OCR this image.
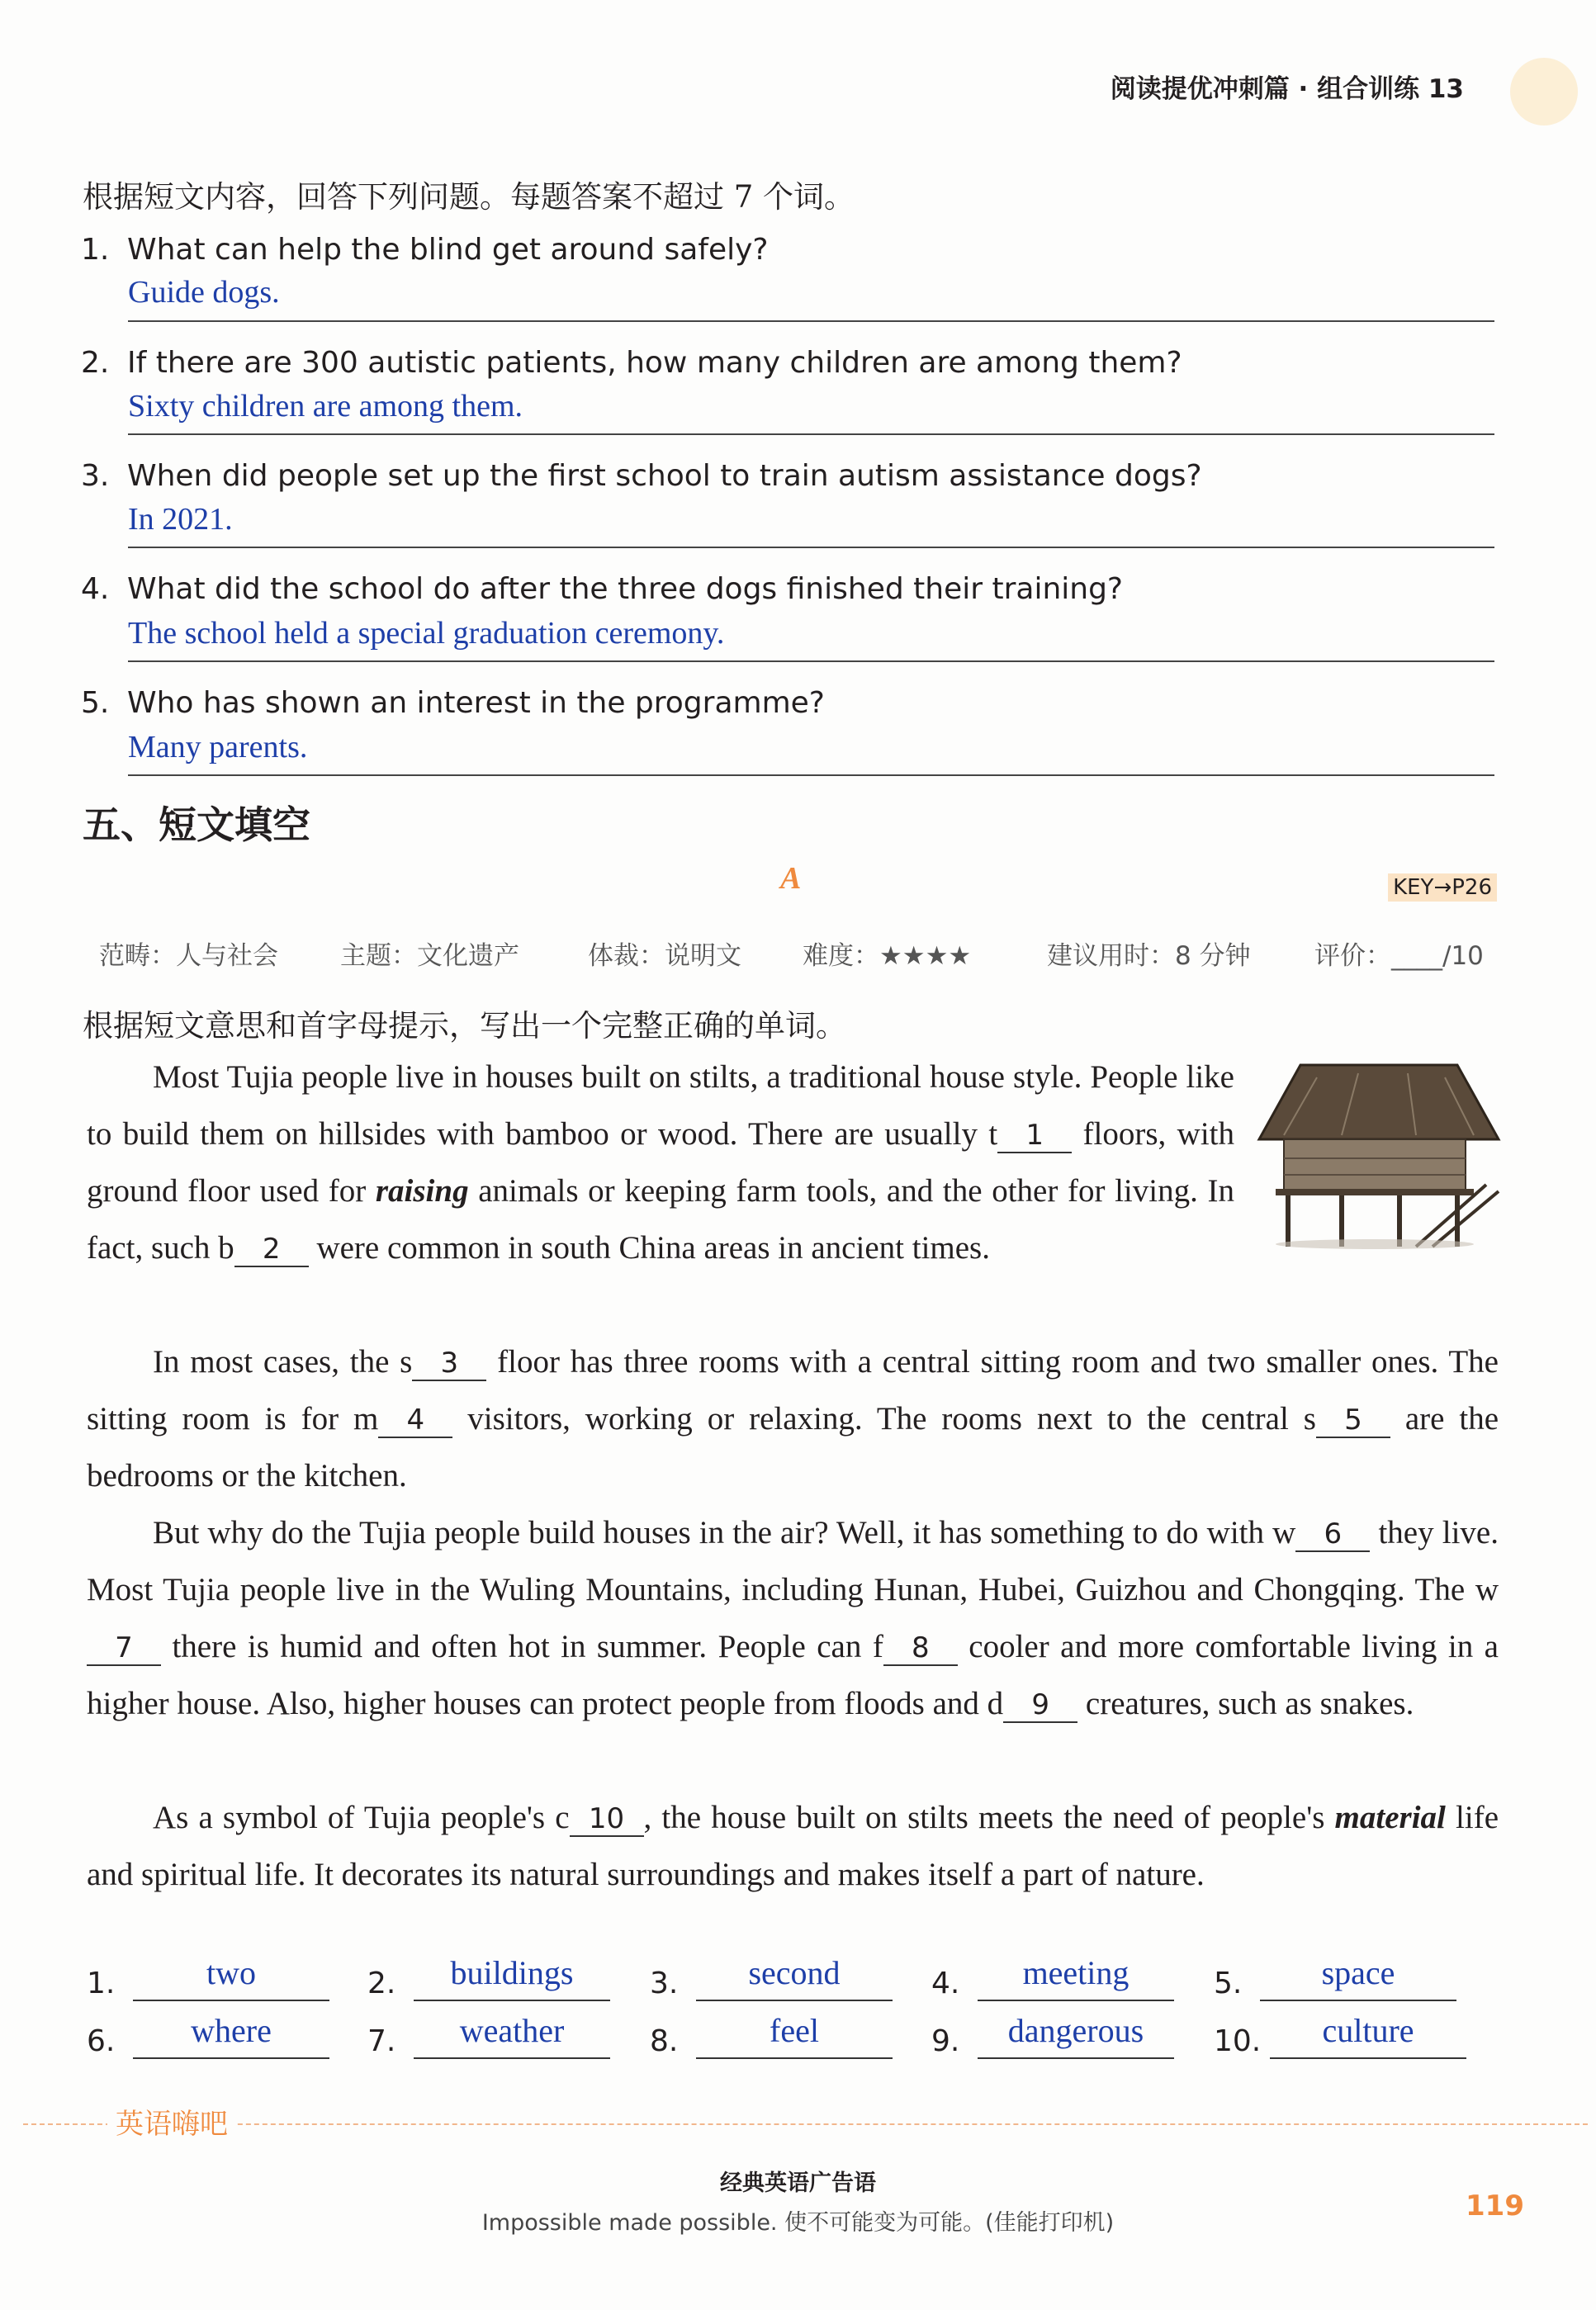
阅读提优冲刺篇 · 组合训练 13
根据短文内容，回答下列问题。每题答案不超过 7 个词。
1. What can help the blind get around safely?
Guide dogs.
2. If there are 300 autistic patients, how many children are among them?
Sixty children are among them.
3. When did people set up the first school to train autism assistance dogs?
In 2021.
4. What did the school do after the three dogs finished their training?
The school held a special graduation ceremony.
5. Who has shown an interest in the programme?
Many parents.
五、短文填空
A	KEY→P26
范畴：人与社会 主题：文化遗产	体裁：说明文 难度：★★★★	建议用时：8 分钟 评价：____/10
根据短文意思和首字母提示，写出一个完整正确的单词。
Most Tujia people live in houses built on stilts, a traditional house style. People like to build them on hillsides with bamboo or wood. There are usually t 1 floors, with ground floor used for raising animals or keeping farm tools, and the other for living. In fact, such b 2 were common in south China areas in ancient times.
In most cases, the s 3 floor has three rooms with a central sitting room and two smaller ones. The sitting room is for m 4 visitors, working or relaxing. The rooms next to the central s 5 are the bedrooms or the kitchen.
But why do the Tujia people build houses in the air? Well, it has something to do with w 6 they live. Most Tujia people live in the Wuling Mountains, including Hunan, Hubei, Guizhou and Chongqing. The w7 there is humid and often hot in summer. People can f 8 cooler and more comfortable living in a higher house. Also, higher houses can protect people from floods and d 9 creatures, such as snakes.
As a symbol of Tujia people's c 10 , the house built on stilts meets the need of people's material life and spiritual life. It decorates its natural surroundings and makes itself a part of nature.
1.	two	2.	buildings	3.	second	4.	meeting	5.	space
6.	where	7.	weather	8.	feel	9.	dangerous	10.	culture
英语嗨吧
经典英语广告语
Impossible made possible. 使不可能变为可能。(佳能打印机)
119
